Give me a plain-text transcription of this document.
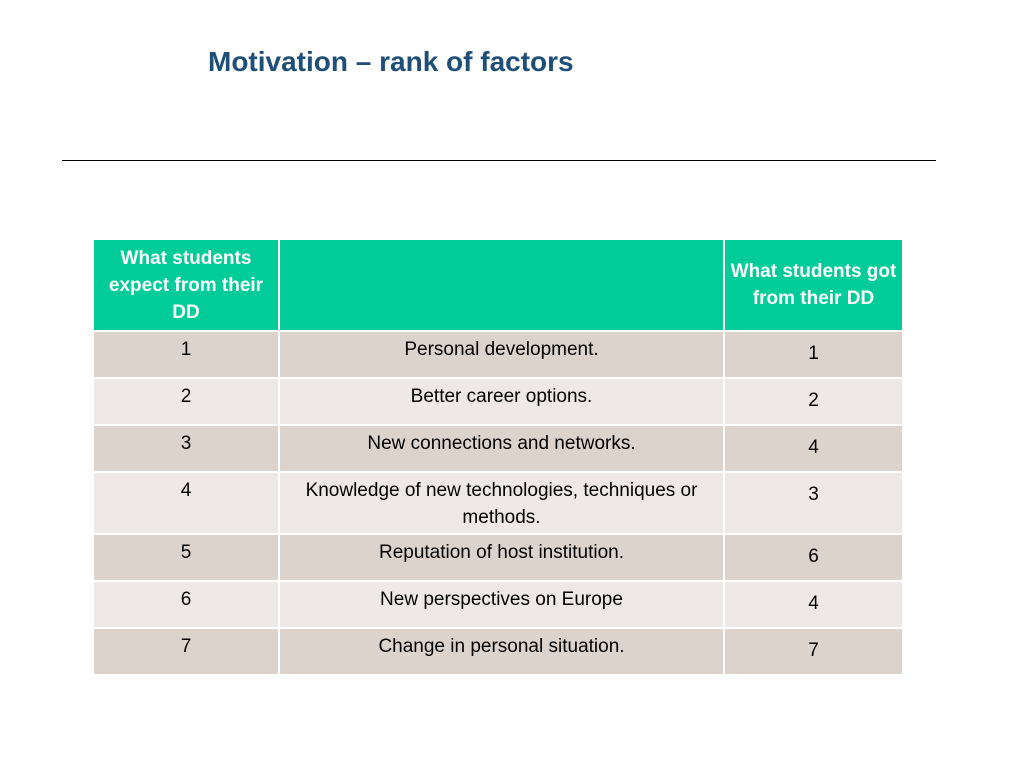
Motivation – rank of factors
What students expect from their DD		What students got from their DD
1	Personal development.	1
2	Better career options.	2
3	New connections and networks.	4
4	Knowledge of new technologies, techniques or methods.	3
5	Reputation of host institution.	6
6	New perspectives on Europe	4
7	Change in personal situation.	7
